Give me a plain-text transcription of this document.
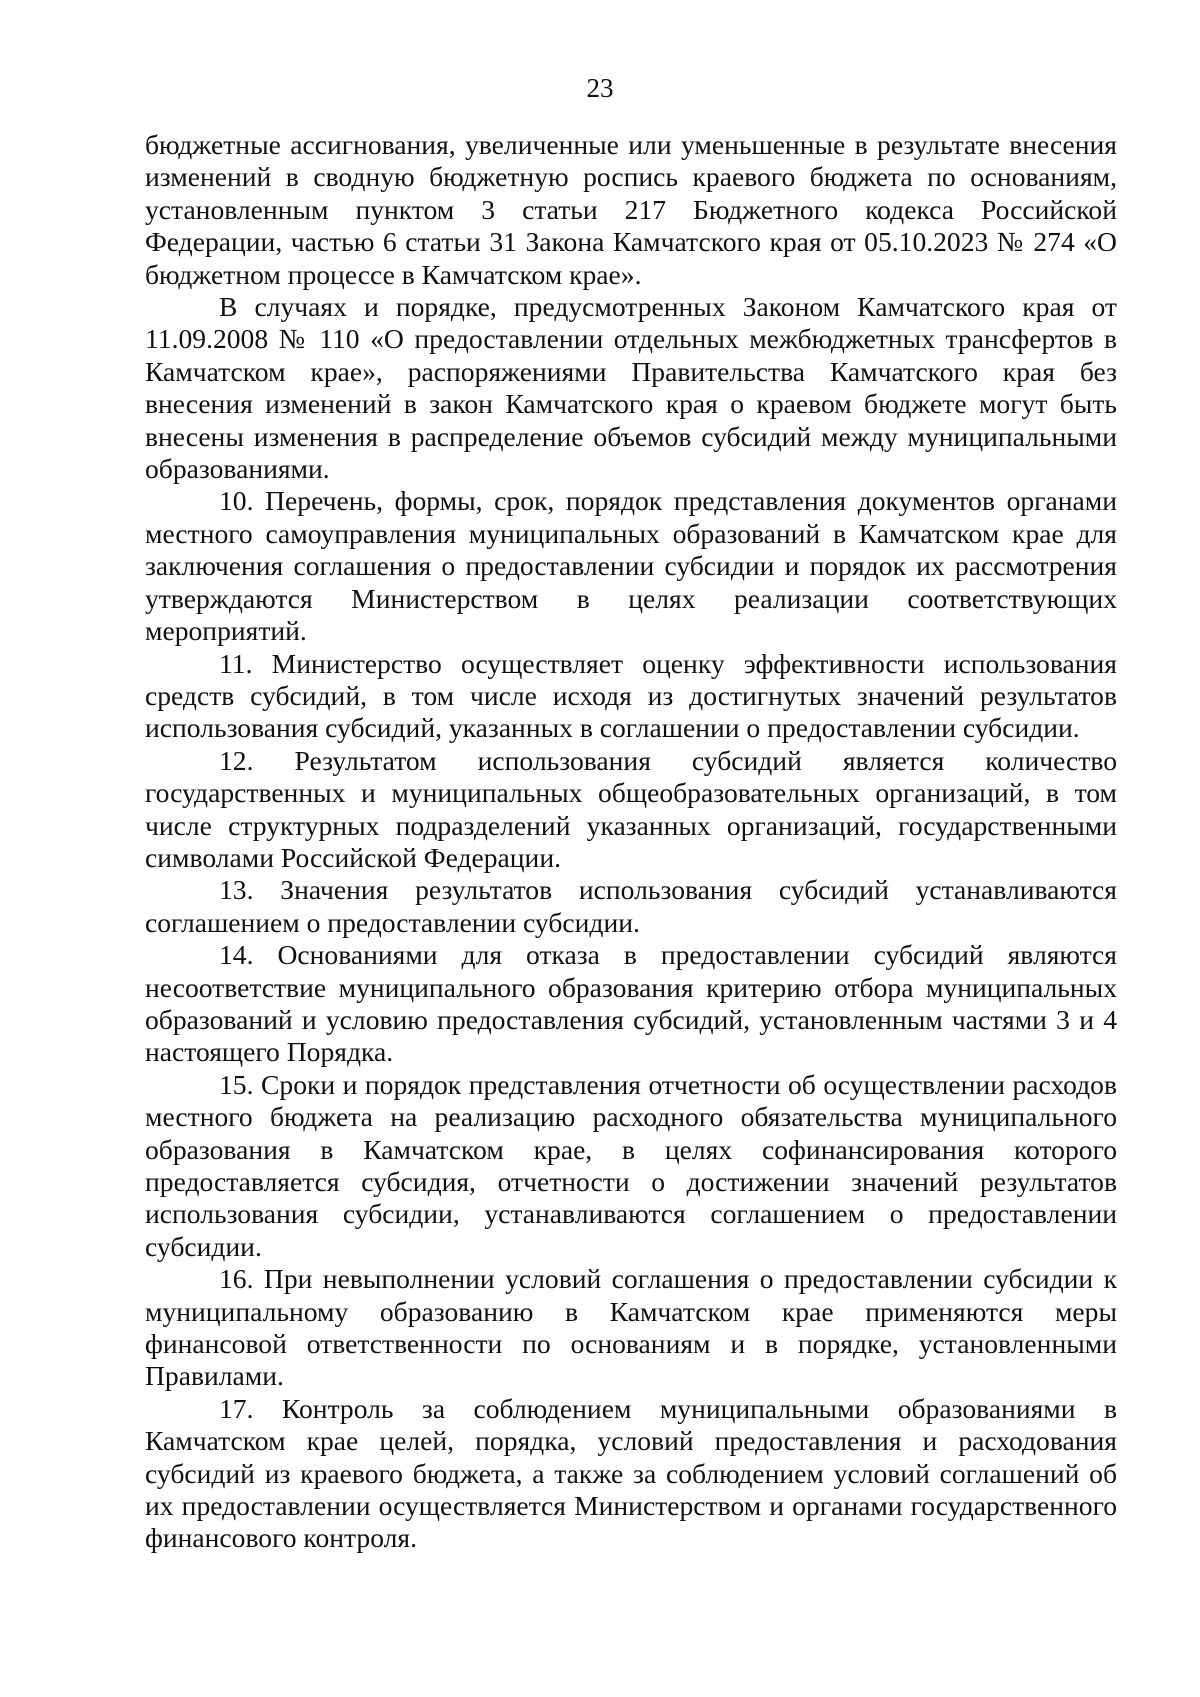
23

бюджетные ассигнования, увеличенные или уменьшенные в результате внесения изменений в сводную бюджетную роспись краевого бюджета по основаниям, установленным пунктом 3 статьи 217 Бюджетного кодекса Российской Федерации, частью 6 статьи 31 Закона Камчатского края от 05.10.2023 № 274 «О бюджетном процессе в Камчатском крае».

В случаях и порядке, предусмотренных Законом Камчатского края от 11.09.2008 № 110 «О предоставлении отдельных межбюджетных трансфертов в Камчатском крае», распоряжениями Правительства Камчатского края без внесения изменений в закон Камчатского края о краевом бюджете могут быть внесены изменения в распределение объемов субсидий между муниципальными образованиями.

10. Перечень, формы, срок, порядок представления документов органами местного самоуправления муниципальных образований в Камчатском крае для заключения соглашения о предоставлении субсидии и порядок их рассмотрения утверждаются Министерством в целях реализации соответствующих мероприятий.

11. Министерство осуществляет оценку эффективности использования средств субсидий, в том числе исходя из достигнутых значений результатов использования субсидий, указанных в соглашении о предоставлении субсидии.

12. Результатом использования субсидий является количество государственных и муниципальных общеобразовательных организаций, в том числе структурных подразделений указанных организаций, государственными символами Российской Федерации.

13. Значения результатов использования субсидий устанавливаются соглашением о предоставлении субсидии.

14. Основаниями для отказа в предоставлении субсидий являются несоответствие муниципального образования критерию отбора муниципальных образований и условию предоставления субсидий, установленным частями 3 и 4 настоящего Порядка.

15. Сроки и порядок представления отчетности об осуществлении расходов местного бюджета на реализацию расходного обязательства муниципального образования в Камчатском крае, в целях софинансирования которого предоставляется субсидия, отчетности о достижении значений результатов использования субсидии, устанавливаются соглашением о предоставлении субсидии.

16. При невыполнении условий соглашения о предоставлении субсидии к муниципальному образованию в Камчатском крае применяются меры финансовой ответственности по основаниям и в порядке, установленными Правилами.

17. Контроль за соблюдением муниципальными образованиями в Камчатском крае целей, порядка, условий предоставления и расходования субсидий из краевого бюджета, а также за соблюдением условий соглашений об их предоставлении осуществляется Министерством и органами государственного финансового контроля.
